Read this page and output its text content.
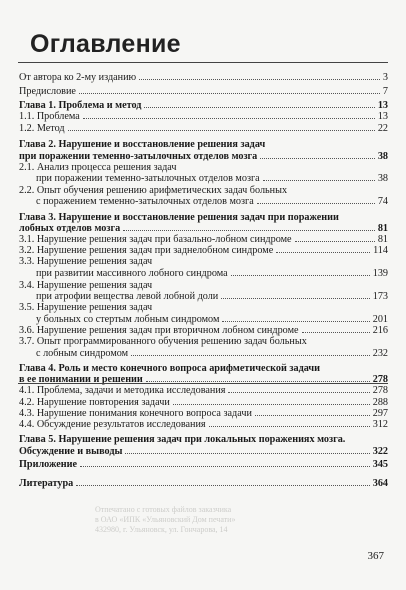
Оглавление
От автора ко 2-му изданию	3
Предисловие	7
Глава 1. Проблема и метод	13
1.1. Проблема	13
1.2. Метод	22
Глава 2. Нарушение и восстановление решения задач
при поражении теменно-затылочных отделов мозга	38
2.1. Анализ процесса решения задач
при поражении теменно-затылочных отделов мозга	38
2.2. Опыт обучения решению арифметических задач больных
с поражением теменно-затылочных отделов мозга	74
Глава 3. Нарушение и восстановление решения задач при поражении
лобных отделов мозга	81
3.1. Нарушение решения задач при базально-лобном синдроме	81
3.2. Нарушение решения задач при заднелобном синдроме	114
3.3. Нарушение решения задач
при развитии массивного лобного синдрома	139
3.4. Нарушение решения задач
при атрофии вещества левой лобной доли	173
3.5. Нарушение решения задач
у больных со стертым лобным синдромом	201
3.6. Нарушение решения задач при вторичном лобном синдроме	216
3.7. Опыт программированного обучения решению задач больных
с лобным синдромом	232
Глава 4. Роль и место конечного вопроса арифметической задачи
в ее понимании и решении	278
4.1. Проблема, задачи и методика исследования	278
4.2. Нарушение повторения задачи	288
4.3. Нарушение понимания конечного вопроса задачи	297
4.4. Обсуждение результатов исследования	312
Глава 5. Нарушение решения задач при локальных поражениях мозга.
Обсуждение и выводы	322
Приложение	345
Литература	364
Отпечатано с готовых файлов заказчика
в ОАО «ИПК «Ульяновский Дом печати»
432980, г. Ульяновск, ул. Гончарова, 14
367
